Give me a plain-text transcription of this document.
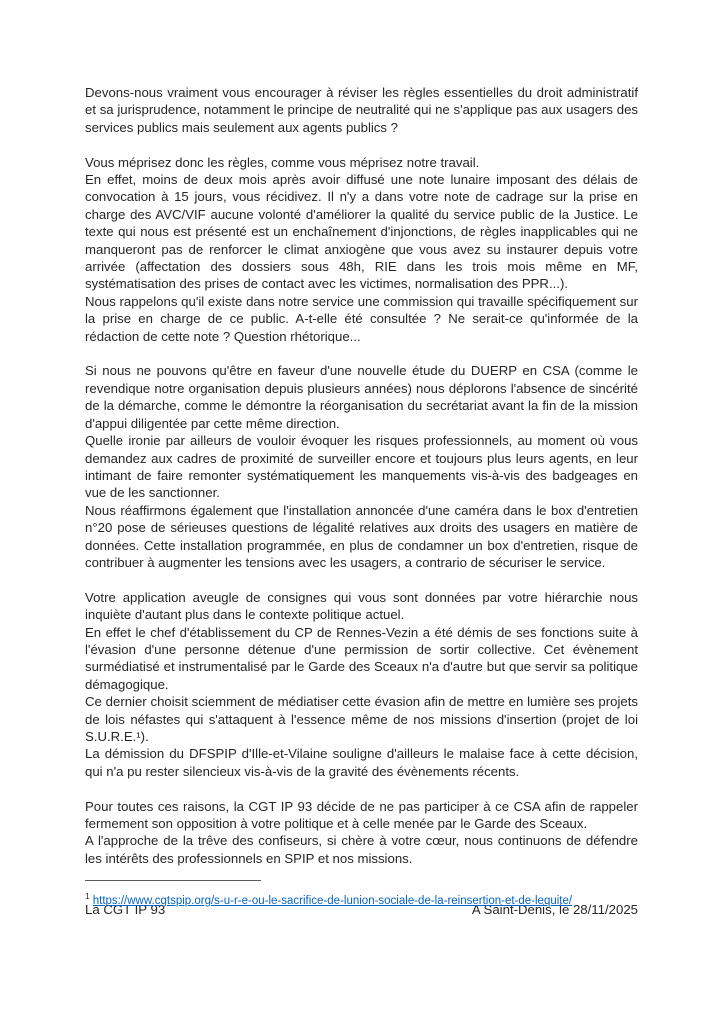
Devons-nous vraiment vous encourager à réviser les règles essentielles du droit administratif et sa jurisprudence, notamment le principe de neutralité qui ne s'applique pas aux usagers des services publics mais seulement aux agents publics ?

Vous méprisez donc les règles, comme vous méprisez notre travail.

En effet, moins de deux mois après avoir diffusé une note lunaire imposant des délais de convocation à 15 jours, vous récidivez. Il n'y a dans votre note de cadrage sur la prise en charge des AVC/VIF aucune volonté d'améliorer la qualité du service public de la Justice. Le texte qui nous est présenté est un enchaînement d'injonctions, de règles inapplicables qui ne manqueront pas de renforcer le climat anxiogène que vous avez su instaurer depuis votre arrivée (affectation des dossiers sous 48h, RIE dans les trois mois même en MF, systématisation des prises de contact avec les victimes, normalisation des PPR...).

Nous rappelons qu'il existe dans notre service une commission qui travaille spécifiquement sur la prise en charge de ce public. A-t-elle été consultée ? Ne serait-ce qu'informée de la rédaction de cette note ? Question rhétorique...

Si nous ne pouvons qu'être en faveur d'une nouvelle étude du DUERP en CSA (comme le revendique notre organisation depuis plusieurs années) nous déplorons l'absence de sincérité de la démarche, comme le démontre la réorganisation du secrétariat avant la fin de la mission d'appui diligentée par cette même direction.

Quelle ironie par ailleurs de vouloir évoquer les risques professionnels, au moment où vous demandez aux cadres de proximité de surveiller encore et toujours plus leurs agents, en leur intimant de faire remonter systématiquement les manquements vis-à-vis des badgeages en vue de les sanctionner.

Nous réaffirmons également que l'installation annoncée d'une caméra dans le box d'entretien n°20 pose de sérieuses questions de légalité relatives aux droits des usagers en matière de données. Cette installation programmée, en plus de condamner un box d'entretien, risque de contribuer à augmenter les tensions avec les usagers, a contrario de sécuriser le service.

Votre application aveugle de consignes qui vous sont données par votre hiérarchie nous inquiète d'autant plus dans le contexte politique actuel.

En effet le chef d'établissement du CP de Rennes-Vezin a été démis de ses fonctions suite à l'évasion d'une personne détenue d'une permission de sortir collective. Cet évènement surmédiatisé et instrumentalisé par le Garde des Sceaux n'a d'autre but que servir sa politique démagogique.

Ce dernier choisit sciemment de médiatiser cette évasion afin de mettre en lumière ses projets de lois néfastes qui s'attaquent à l'essence même de nos missions d'insertion (projet de loi S.U.R.E.¹).

La démission du DFSPIP d'Ille-et-Vilaine souligne d'ailleurs le malaise face à cette décision, qui n'a pu rester silencieux vis-à-vis de la gravité des évènements récents.

Pour toutes ces raisons, la CGT IP 93 décide de ne pas participer à ce CSA afin de rappeler fermement son opposition à votre politique et à celle menée par le Garde des Sceaux.

A l'approche de la trêve des confiseurs, si chère à votre cœur, nous continuons de défendre les intérêts des professionnels en SPIP et nos missions.

La CGT IP 93	A Saint-Denis, le 28/11/2025
$^1$ https://www.cgtspip.org/s-u-r-e-ou-le-sacrifice-de-lunion-sociale-de-la-reinsertion-et-de-lequite/
